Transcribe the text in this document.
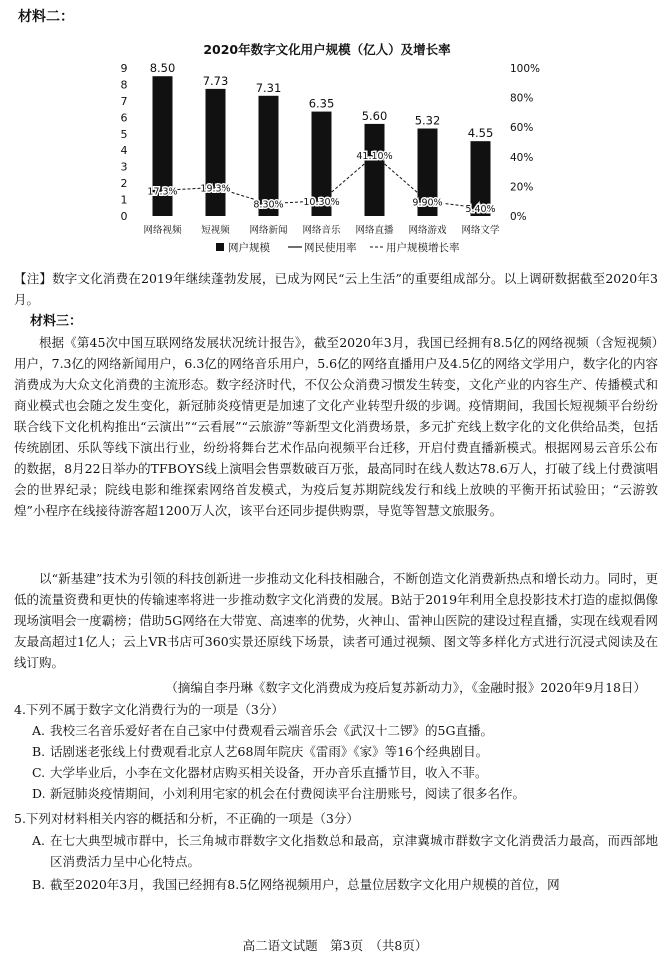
材料二：
2020年数字文化用户规模（亿人）及增长率
0
1
2
3
4
5
6
7
8
9
0%
20%
40%
60%
80%
100%
8.50
7.73 7.31
6.35
5.60 5.32
4.55
17.3% 19.3%
8.30% 10.30%
41.10%
9.90%
5.40%
网络视频 短视频 网络新闻 网络音乐 网络直播 网络游戏 网络文学
网户规模	网民使用率	用户规模增长率
【注】数字文化消费在2019年继续蓬勃发展，已成为网民“云上生活”的重要组成部分。以上调研数据截至2020年3月。
材料三：
根据《第45次中国互联网络发展状况统计报告》，截至2020年3月，我国已经拥有8.5亿的网络视频（含短视频）用户，7.3亿的网络新闻用户，6.3亿的网络音乐用户，5.6亿的网络直播用户及4.5亿的网络文学用户，数字化的内容消费成为大众文化消费的主流形态。数字经济时代，不仅公众消费习惯发生转变，文化产业的内容生产、传播模式和商业模式也会随之发生变化，新冠肺炎疫情更是加速了文化产业转型升级的步调。疫情期间，我国长短视频平台纷纷联合线下文化机构推出“云演出”“云看展”“云旅游”等新型文化消费场景，多元扩充线上数字化的文化供给品类，包括传统剧团、乐队等线下演出行业，纷纷将舞台艺术作品向视频平台迁移，开启付费直播新模式。根据网易云音乐公布的数据，8月22日举办的TFBOYS线上演唱会售票数破百万张，最高同时在线人数达78.6万人，打破了线上付费演唱会的世界纪录；院线电影和维探索网络首发模式，为疫后复苏期院线发行和线上放映的平衡开拓试验田；“云游敦煌”小程序在线接待游客超1200万人次，该平台还同步提供购票，导览等智慧文旅服务。
以“新基建”技术为引领的科技创新进一步推动文化科技相融合，不断创造文化消费新热点和增长动力。同时，更低的流量资费和更快的传输速率将进一步推动数字文化消费的发展。B站于2019年利用全息投影技术打造的虚拟偶像现场演唱会一度霸榜；借助5G网络在大带宽、高速率的优势，火神山、雷神山医院的建设过程直播，实现在线观看网友最高超过1亿人；云上VR书店可360实景还原线下场景，读者可通过视频、图文等多样化方式进行沉浸式阅读及在线订购。
（摘编自李丹琳《数字文化消费成为疫后复苏新动力》，《金融时报》2020年9月18日）
4.下列不属于数字文化消费行为的一项是（3分）
A. 我校三名音乐爱好者在自己家中付费观看云端音乐会《武汉十二锣》的5G直播。
B. 话剧迷老张线上付费观看北京人艺68周年院庆《雷雨》《家》等16个经典剧目。
C. 大学毕业后，小李在文化器材店购买相关设备，开办音乐直播节目，收入不菲。
D. 新冠肺炎疫情期间，小刘利用宅家的机会在付费阅读平台注册账号，阅读了很多名作。
5.下列对材料相关内容的概括和分析，不正确的一项是（3分）
A. 在七大典型城市群中，长三角城市群数字文化指数总和最高，京津冀城市群数字文化消费活力最高，而西部地区消费活力呈中心化特点。
B. 截至2020年3月，我国已经拥有8.5亿网络视频用户，总量位居数字文化用户规模的首位，网
高二语文试题　第3页　（共8页）
